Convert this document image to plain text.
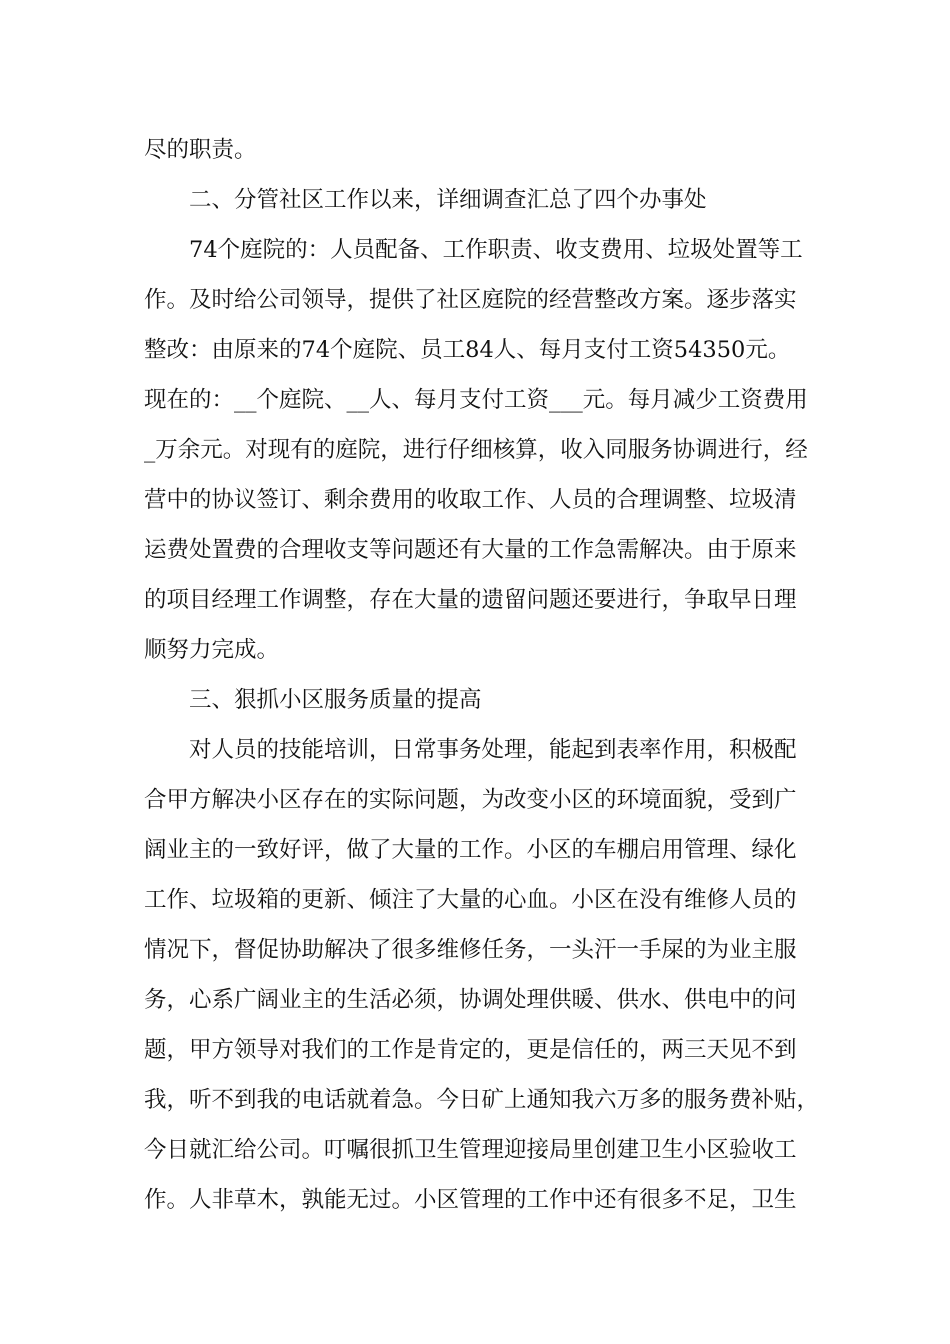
尽的职责。
二、分管社区工作以来，详细调查汇总了四个办事处
74个庭院的：人员配备、工作职责、收支费用、垃圾处置等工
作。及时给公司领导，提供了社区庭院的经营整改方案。逐步落实
整改：由原来的74个庭院、员工84人、每月支付工资54350元。
现在的：__个庭院、__人、每月支付工资___元。每月减少工资费用
_万余元。对现有的庭院，进行仔细核算，收入同服务协调进行，经
营中的协议签订、剩余费用的收取工作、人员的合理调整、垃圾清
运费处置费的合理收支等问题还有大量的工作急需解决。由于原来
的项目经理工作调整，存在大量的遗留问题还要进行，争取早日理
顺努力完成。
三、狠抓小区服务质量的提高
对人员的技能培训，日常事务处理，能起到表率作用，积极配
合甲方解决小区存在的实际问题，为改变小区的环境面貌，受到广
阔业主的一致好评，做了大量的工作。小区的车棚启用管理、绿化
工作、垃圾箱的更新、倾注了大量的心血。小区在没有维修人员的
情况下，督促协助解决了很多维修任务，一头汗一手屎的为业主服
务，心系广阔业主的生活必须，协调处理供暖、供水、供电中的问
题，甲方领导对我们的工作是肯定的，更是信任的，两三天见不到
我，听不到我的电话就着急。今日矿上通知我六万多的服务费补贴，
今日就汇给公司。叮嘱很抓卫生管理迎接局里创建卫生小区验收工
作。人非草木，孰能无过。小区管理的工作中还有很多不足，卫生
